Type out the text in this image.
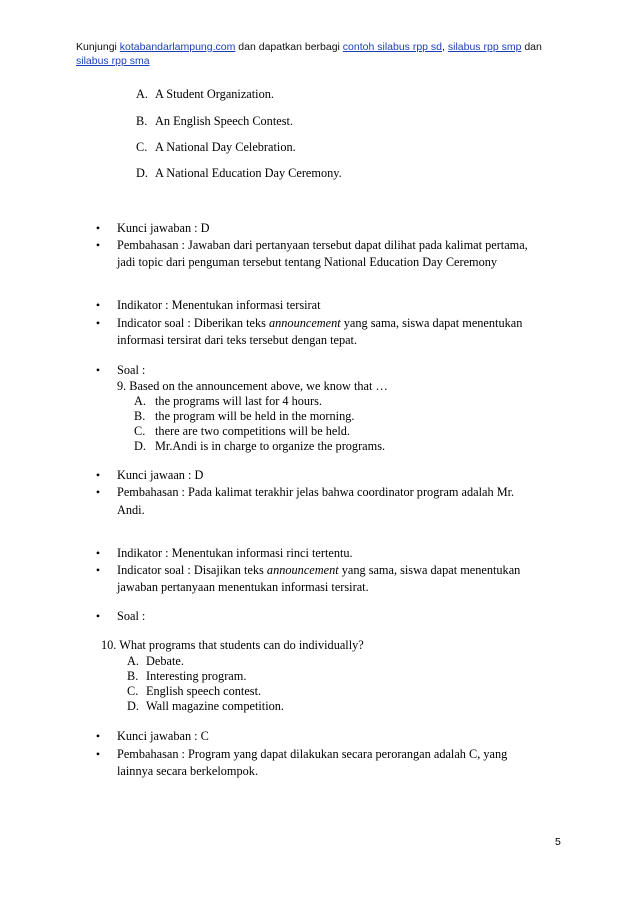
Kunjungi kotabandarlampung.com dan dapatkan berbagi contoh silabus rpp sd, silabus rpp smp dan
silabus rpp sma
A. A Student Organization.
B. An English Speech Contest.
C. A National Day Celebration.
D. A National Education Day Ceremony.
•	Kunci jawaban : D
•	Pembahasan : Jawaban dari pertanyaan tersebut dapat dilihat pada kalimat pertama,
jadi topic dari penguman tersebut tentang National Education Day Ceremony
•	Indikator : Menentukan informasi tersirat
•	Indicator soal : Diberikan teks announcement yang sama, siswa dapat menentukan
informasi tersirat dari teks tersebut dengan tepat.
•	Soal :
9. Based on the announcement above, we know that …
A. the programs will last for 4 hours.
B. the program will be held in the morning.
C. there are two competitions will be held.
D. Mr.Andi is in charge to organize the programs.
•	Kunci jawaan : D
•	Pembahasan : Pada kalimat terakhir jelas bahwa coordinator program adalah Mr.
Andi.
•	Indikator : Menentukan informasi rinci tertentu.
•	Indicator soal : Disajikan teks announcement yang sama, siswa dapat menentukan
jawaban pertanyaan menentukan informasi tersirat.
•	Soal :
10. What programs that students can do individually?
A. Debate.
B. Interesting program.
C. English speech contest.
D. Wall magazine competition.
•	Kunci jawaban : C
•	Pembahasan : Program yang dapat dilakukan secara perorangan adalah C, yang
lainnya secara berkelompok.
5
